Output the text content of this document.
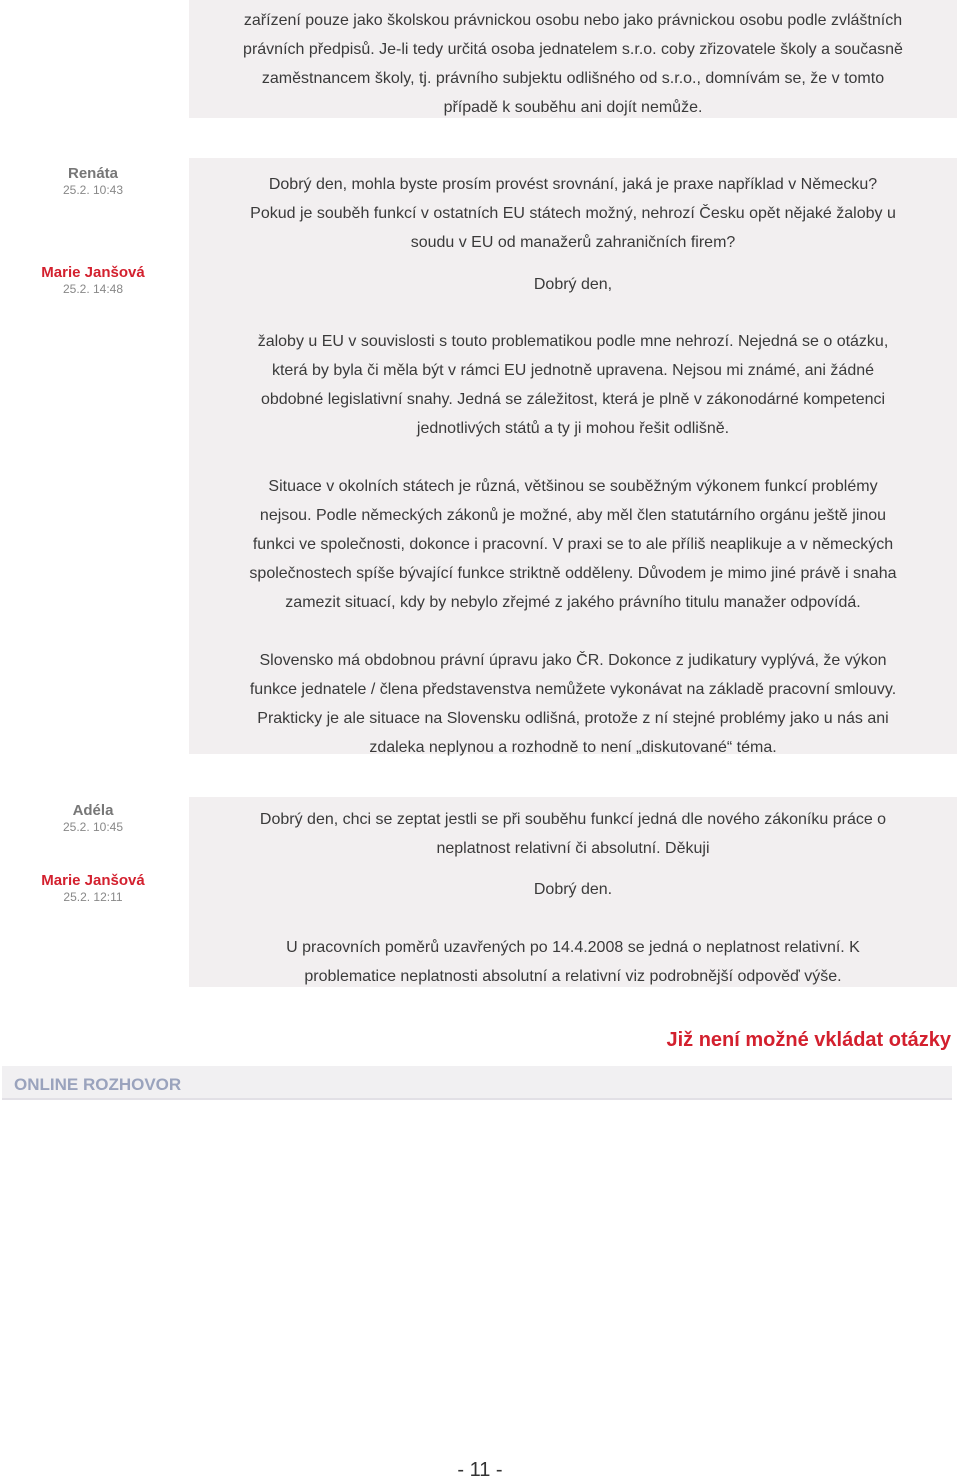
zařízení pouze jako školskou právnickou osobu nebo jako právnickou osobu podle zvláštních

právních předpisů. Je-li tedy určitá osoba jednatelem s.r.o. coby zřizovatele školy a současně

zaměstnancem školy, tj. právního subjektu odlišného od s.r.o., domnívám se, že v tomto

případě k souběhu ani dojít nemůže.

Renáta
25.2. 10:43
Marie Janšová
25.2. 14:48

Dobrý den, mohla byste prosím provést srovnání, jaká je praxe například v Německu?

Pokud je souběh funkcí v ostatních EU státech možný, nehrozí Česku opět nějaké žaloby u

soudu v EU od manažerů zahraničních firem?

Dobrý den,

žaloby u EU v souvislosti s touto problematikou podle mne nehrozí. Nejedná se o otázku,

která by byla či měla být v rámci EU jednotně upravena. Nejsou mi známé, ani žádné

obdobné legislativní snahy. Jedná se záležitost, která je plně v zákonodárné kompetenci

jednotlivých států a ty ji mohou řešit odlišně.

Situace v okolních státech je různá, většinou se souběžným výkonem funkcí problémy

nejsou. Podle německých zákonů je možné, aby měl člen statutárního orgánu ještě jinou

funkci ve společnosti, dokonce i pracovní. V praxi se to ale příliš neaplikuje a v německých

společnostech spíše bývající funkce striktně odděleny. Důvodem je mimo jiné právě i snaha

zamezit situací, kdy by nebylo zřejmé z jakého právního titulu manažer odpovídá.

Slovensko má obdobnou právní úpravu jako ČR. Dokonce z judikatury vyplývá, že výkon

funkce jednatele / člena představenstva nemůžete vykonávat na základě pracovní smlouvy.

Prakticky je ale situace na Slovensku odlišná, protože z ní stejné problémy jako u nás ani

zdaleka neplynou a rozhodně to není „diskutované“ téma.

Adéla
25.2. 10:45
Marie Janšová
25.2. 12:11

Dobrý den, chci se zeptat jestli se při souběhu funkcí jedná dle nového zákoníku práce o

neplatnost relativní či absolutní. Děkuji

Dobrý den.

U pracovních poměrů uzavřených po 14.4.2008 se jedná o neplatnost relativní. K

problematice neplatnosti absolutní a relativní viz podrobnější odpověď výše.

Již není možné vkládat otázky
ONLINE ROZHOVOR
- 11 -
